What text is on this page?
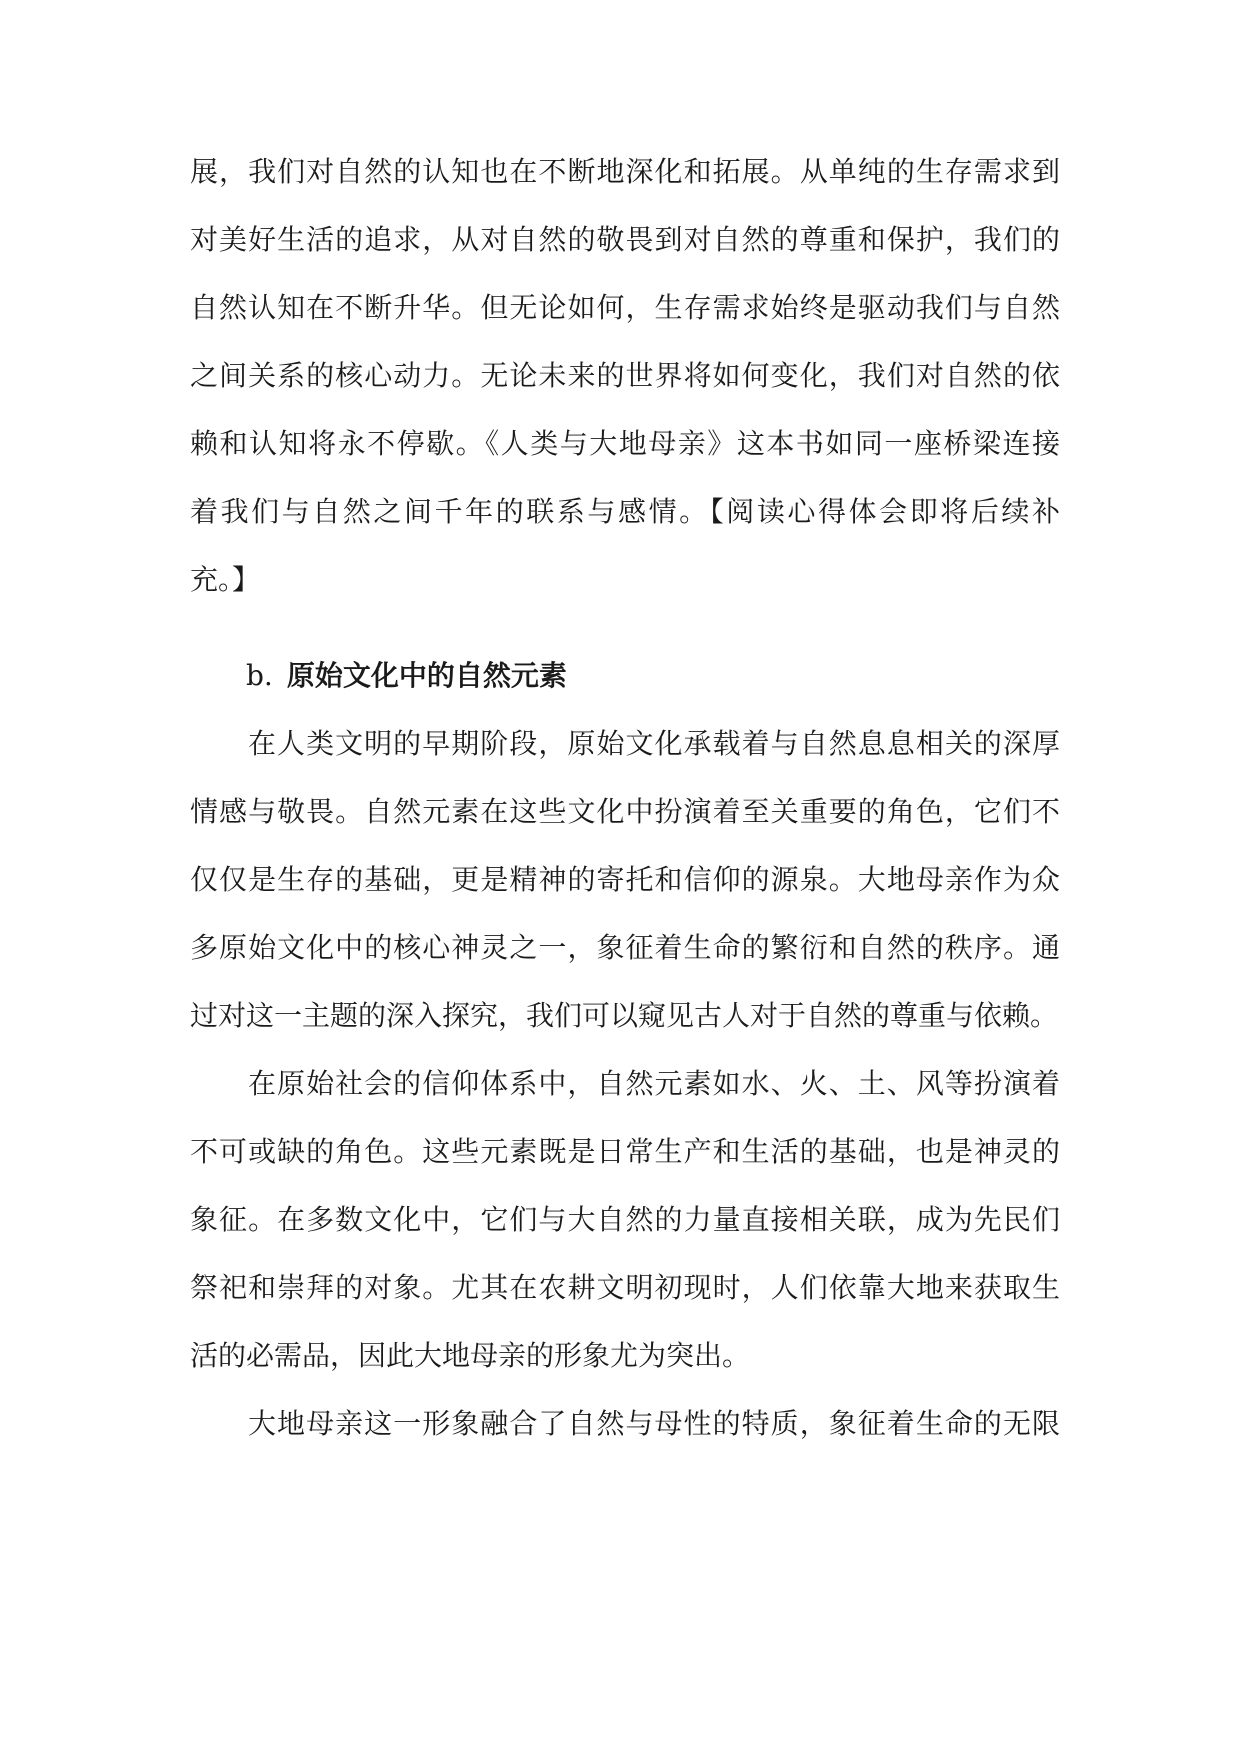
展，我们对自然的认知也在不断地深化和拓展。从单纯的生存需求到
对美好生活的追求，从对自然的敬畏到对自然的尊重和保护，我们的
自然认知在不断升华。但无论如何，生存需求始终是驱动我们与自然
之间关系的核心动力。无论未来的世界将如何变化，我们对自然的依
赖和认知将永不停歇。《人类与大地母亲》这本书如同一座桥梁连接
着我们与自然之间千年的联系与感情。【阅读心得体会即将后续补
充。】
b. 原始文化中的自然元素
在人类文明的早期阶段，原始文化承载着与自然息息相关的深厚
情感与敬畏。自然元素在这些文化中扮演着至关重要的角色，它们不
仅仅是生存的基础，更是精神的寄托和信仰的源泉。大地母亲作为众
多原始文化中的核心神灵之一，象征着生命的繁衍和自然的秩序。通
过对这一主题的深入探究，我们可以窥见古人对于自然的尊重与依赖。
在原始社会的信仰体系中，自然元素如水、火、土、风等扮演着
不可或缺的角色。这些元素既是日常生产和生活的基础，也是神灵的
象征。在多数文化中，它们与大自然的力量直接相关联，成为先民们
祭祀和崇拜的对象。尤其在农耕文明初现时，人们依靠大地来获取生
活的必需品，因此大地母亲的形象尤为突出。
大地母亲这一形象融合了自然与母性的特质，象征着生命的无限
